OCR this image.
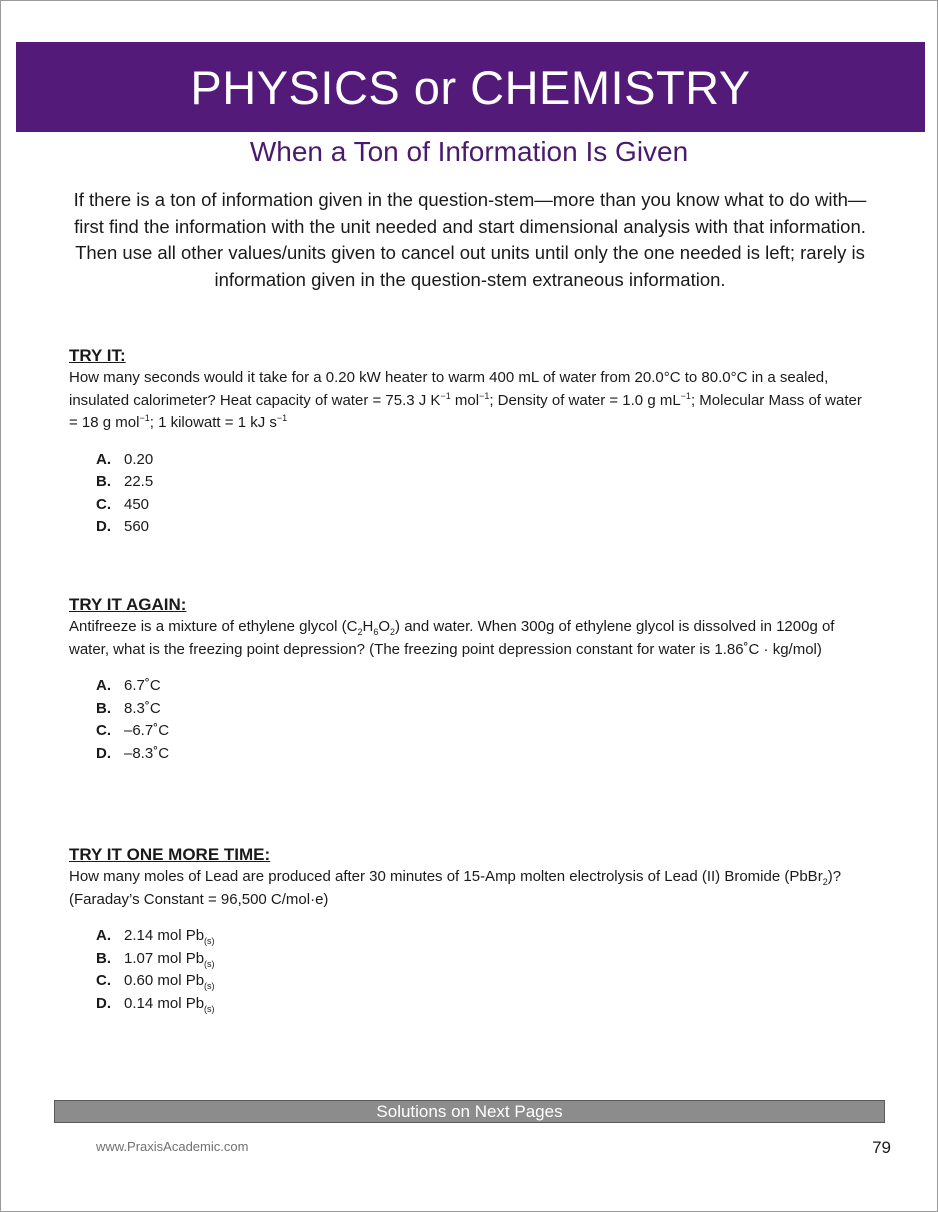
PHYSICS or CHEMISTRY
When a Ton of Information Is Given

If there is a ton of information given in the question-stem—more than you know what to do with—first find the information with the unit needed and start dimensional analysis with that information. Then use all other values/units given to cancel out units until only the one needed is left; rarely is information given in the question-stem extraneous information.

TRY IT:

How many seconds would it take for a 0.20 kW heater to warm 400 mL of water from 20.0°C to 80.0°C in a sealed, insulated calorimeter? Heat capacity of water = 75.3 J $K^{-1}$ mol$^{-1}$; Density of water = 1.0 g $mL^{-1}$; Molecular Mass of water = 18 g mol$^{-1}$; 1 kilowatt = 1 kJ $s^{-1}$

A. 0.20
B. 22.5
C. 450
D. 560
TRY IT AGAIN:

Antifreeze is a mixture of ethylene glycol $(C_2H_6O_2)$ and water. When 300g of ethylene glycol is dissolved in 1200g of water, what is the freezing point depression? (The freezing point depression constant for water is 1.86˚C · kg/mol)

A. 6.7˚C
B. 8.3˚C
C. –6.7˚C
D. –8.3˚C
TRY IT ONE MORE TIME:

How many moles of Lead are produced after 30 minutes of 15-Amp molten electrolysis of Lead (II) Bromide (PbBr$_2$)? (Faraday’s Constant = 96,500 C/mol·e)

A. 2.14 mol $Pb_{(s)}$
B. 1.07 mol $Pb_{(s)}$
C. 0.60 mol $Pb_{(s)}$
D. 0.14 mol $Pb_{(s)}$
Solutions on Next Pages
www.PraxisAcademic.com	79
